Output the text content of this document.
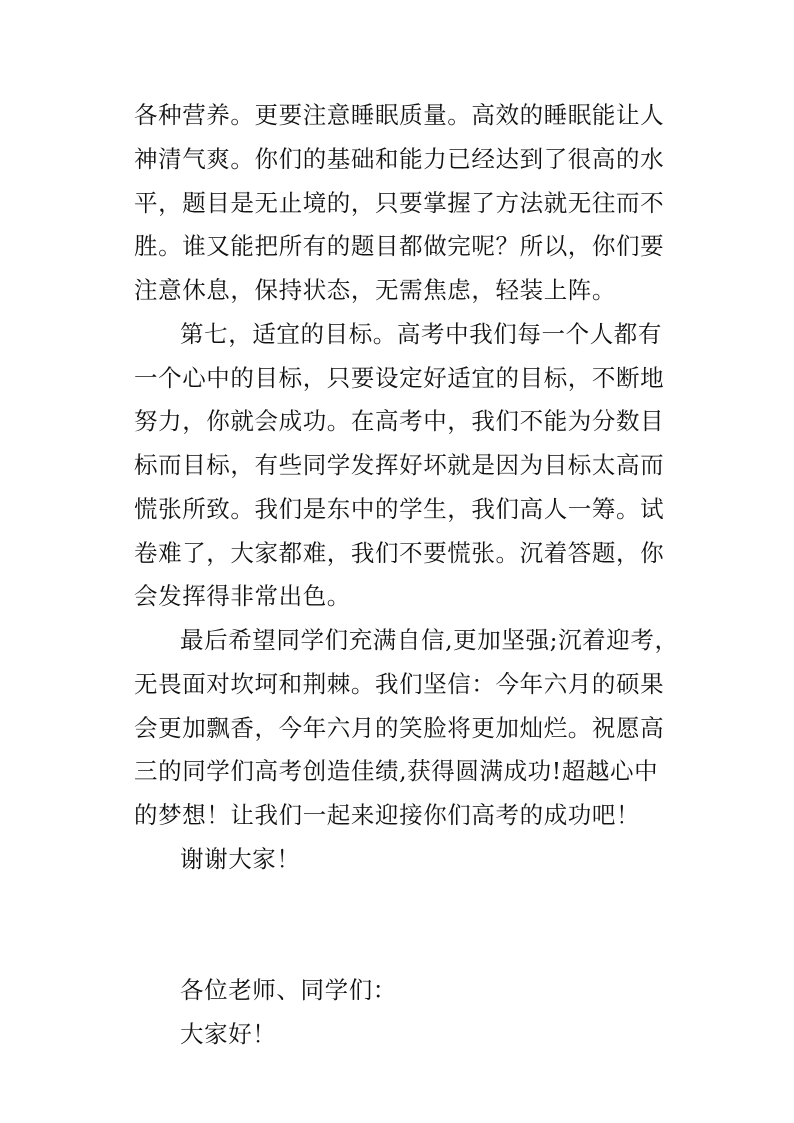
各种营养。更要注意睡眠质量。高效的睡眠能让人
神清气爽。你们的基础和能力已经达到了很高的水
平，题目是无止境的，只要掌握了方法就无往而不
胜。谁又能把所有的题目都做完呢？所以，你们要
注意休息，保持状态，无需焦虑，轻装上阵。
第七，适宜的目标。高考中我们每一个人都有
一个心中的目标，只要设定好适宜的目标，不断地
努力，你就会成功。在高考中，我们不能为分数目
标而目标，有些同学发挥好坏就是因为目标太高而
慌张所致。我们是东中的学生，我们高人一筹。试
卷难了，大家都难，我们不要慌张。沉着答题，你
会发挥得非常出色。
最后希望同学们充满自信,更加坚强;沉着迎考，
无畏面对坎坷和荆棘。我们坚信：今年六月的硕果
会更加飘香，今年六月的笑脸将更加灿烂。祝愿高
三的同学们高考创造佳绩,获得圆满成功!超越心中
的梦想！让我们一起来迎接你们高考的成功吧！
谢谢大家！
各位老师、同学们：
大家好！
